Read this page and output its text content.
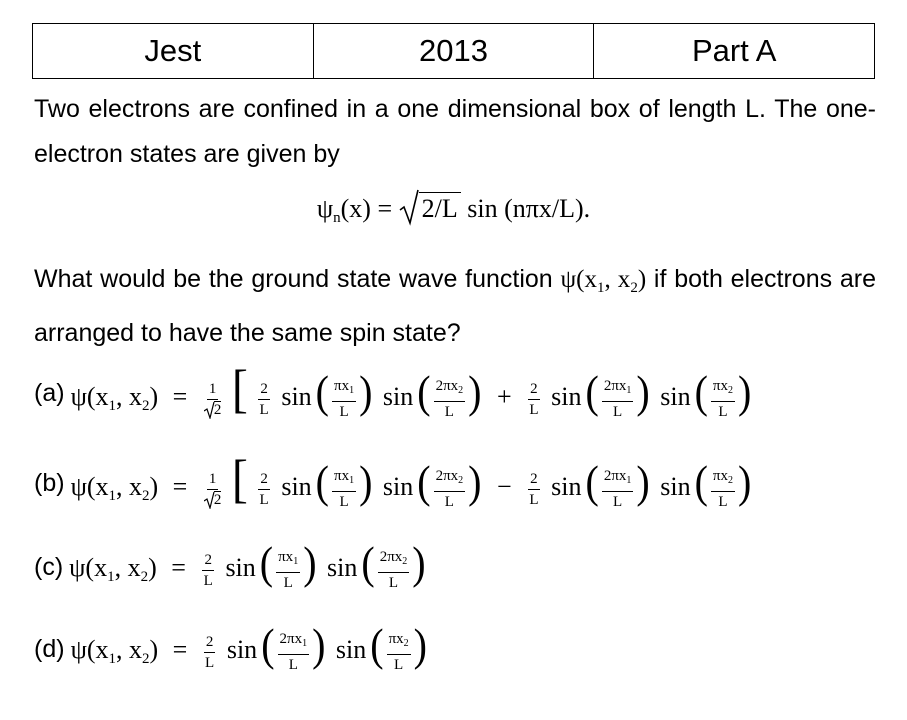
Jest	2013	Part A
Two electrons are confined in a one dimensional box of length L. The one-electron states are given by
$\psi_n(x)$ =
2/L sin (nπx/L).
What would be the ground state wave function $\psi(x_1$, $x_2$) if both electrons are arranged to have the same spin state?
(a) $\psi(x_1$, $x_2) = \frac{1}{2}$ [ $\frac{2}{L}$ sin ( $\frac{\pi x_1}{L}$ ) sin ( $\frac{2\pi x_2}{L}$ ) + $\frac{2}{L}$ sin ( $\frac{2\pi x_1}{L}$ ) sin ( $\frac{\pi x_2}{L}$ )
(b) $\psi(x_1$, $x_2) = \frac{1}{2}$ [ $\frac{2}{L}$ sin ( $\frac{\pi x_1}{L}$ ) sin ( $\frac{2\pi x_2}{L}$ ) − $\frac{2}{L}$ sin ( $\frac{2\pi x_1}{L}$ ) sin ( $\frac{\pi x_2}{L}$ )
(c) $\psi(x_1$, $x_2) = \frac{2}{L}$ sin ( $\frac{\pi x_1}{L}$ ) sin ( $\frac{2\pi x_2}{L}$ )
(d) $\psi(x_1$, $x_2) = \frac{2}{L}$ sin ( $\frac{2\pi x_1}{L}$ ) sin ( $\frac{\pi x_2}{L}$ )
